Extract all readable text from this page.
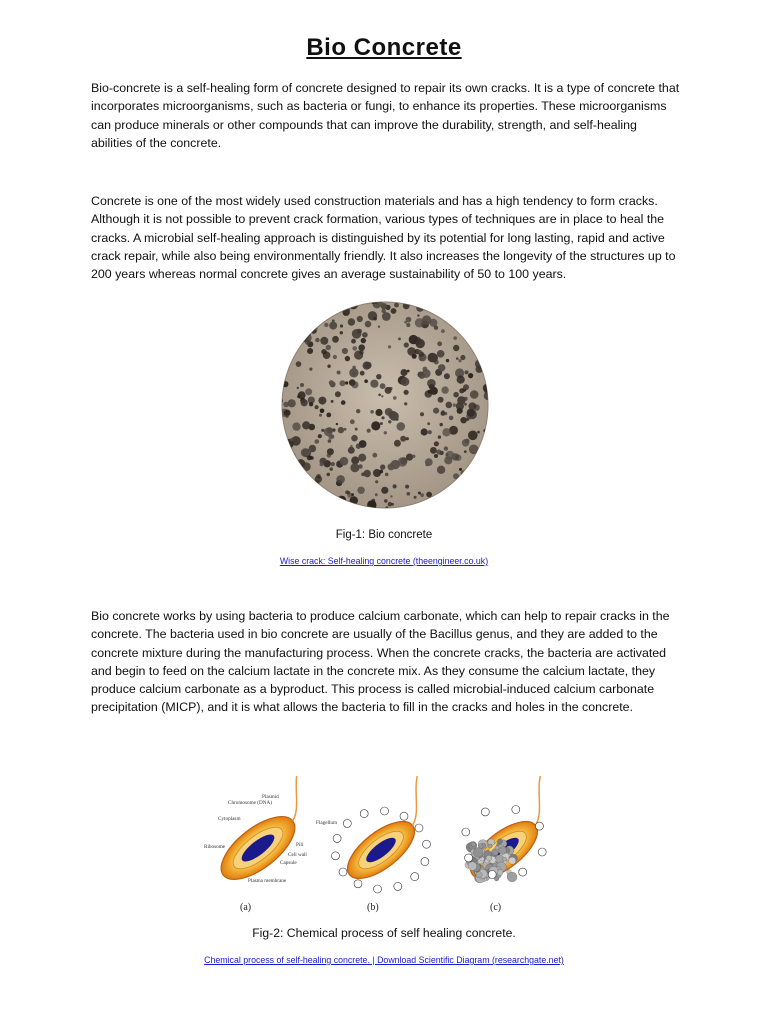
Bio Concrete

Bio-concrete is a self-healing form of concrete designed to repair its own cracks. It is a type of concrete that incorporates microorganisms, such as bacteria or fungi, to enhance its properties. These microorganisms can produce minerals or other compounds that can improve the durability, strength, and self-healing abilities of the concrete.

Concrete is one of the most widely used construction materials and has a high tendency to form cracks. Although it is not possible to prevent crack formation, various types of techniques are in place to heal the cracks. A microbial self-healing approach is distinguished by its potential for long lasting, rapid and active crack repair, while also being environmentally friendly. It also increases the longevity of the structures up to 200 years whereas normal concrete gives an average sustainability of 50 to 100 years.

Fig-1: Bio concrete
Wise crack: Self-healing concrete (theengineer.co.uk)

Bio concrete works by using bacteria to produce calcium carbonate, which can help to repair cracks in the concrete. The bacteria used in bio concrete are usually of the Bacillus genus, and they are added to the concrete mixture during the manufacturing process. When the concrete cracks, the bacteria are activated and begin to feed on the calcium lactate in the concrete mix. As they consume the calcium lactate, they produce calcium carbonate as a byproduct. This process is called microbial-induced calcium carbonate precipitation (MICP), and it is what allows the bacteria to fill in the cracks and holes in the concrete.

Plasmid
Chromosome (DNA)
Cytoplasm
Ribosome
Flagellum
Pili
Cell wall
Capsule
Plasma membrane
(a)	(b)	(c)
Fig-2: Chemical process of self healing concrete.
Chemical process of self-healing concrete. | Download Scientific Diagram (researchgate.net)
